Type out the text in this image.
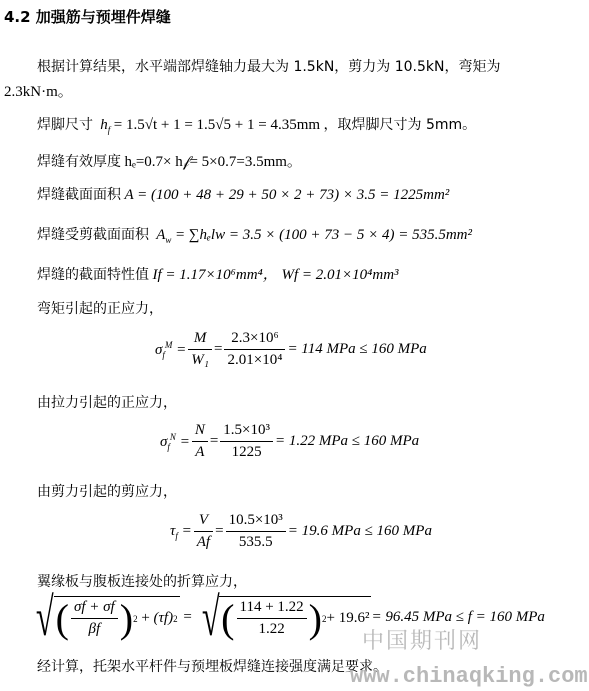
4.2 加强筋与预埋件焊缝
根据计算结果，水平端部焊缝轴力最大为 1.5kN，剪力为 10.5kN，弯矩为
2.3kN·m。
焊脚尺寸  $h_f = 1.5√t + 1 = 1.5√5 + 1 = 4.35mm$ ，取焊脚尺寸为 5mm。
焊缝有效厚度 hₑ=0.7× h𝒻= 5×0.7=3.5mm。
焊缝截面面积 A = (100 + 48 + 29 + 50 × 2 + 73) × 3.5 = 1225mm²
焊缝受剪截面面积  $A_w = \sum h_elw = 3.5 \times (100 + 73 - 5 \times 4) = 535.5mm^2$
焊缝的截面特性值 If = 1.17×10⁶mm⁴， Wf = 2.01×10⁴mm³
弯矩引起的正应力，
$\sigma_f^M = \frac{M}{\text{W₁}} = \frac{\text{2.3×10⁶}}{\text{2.01×10⁴}} = 114$ MPa ≤ 160 MPa
由拉力引起的正应力，
$\sigma_f^N = \frac{N}{A} = \frac{\text{1.5×10³}}{1225} = 1.22$ MPa ≤ 160 MPa
由剪力引起的剪应力，
$\tau_f = \frac{V}{Af} = \frac{\text{10.5×10³}}{535.5} = 19.6$ MPa ≤ 160 MPa
翼缘板与腹板连接处的折算应力，
√ ( $\frac{\sigma f + \sigma f}{\beta f}$ ) 2 + (τf) 2 = √ ( $\frac{114 + 1.22}{1.22}$ ) 2 + 19.6² = 96.45 MPa ≤ f = 160 MPa
经计算，托架水平杆件与预埋板焊缝连接强度满足要求。
中国期刊网
www.chinaqking.com
